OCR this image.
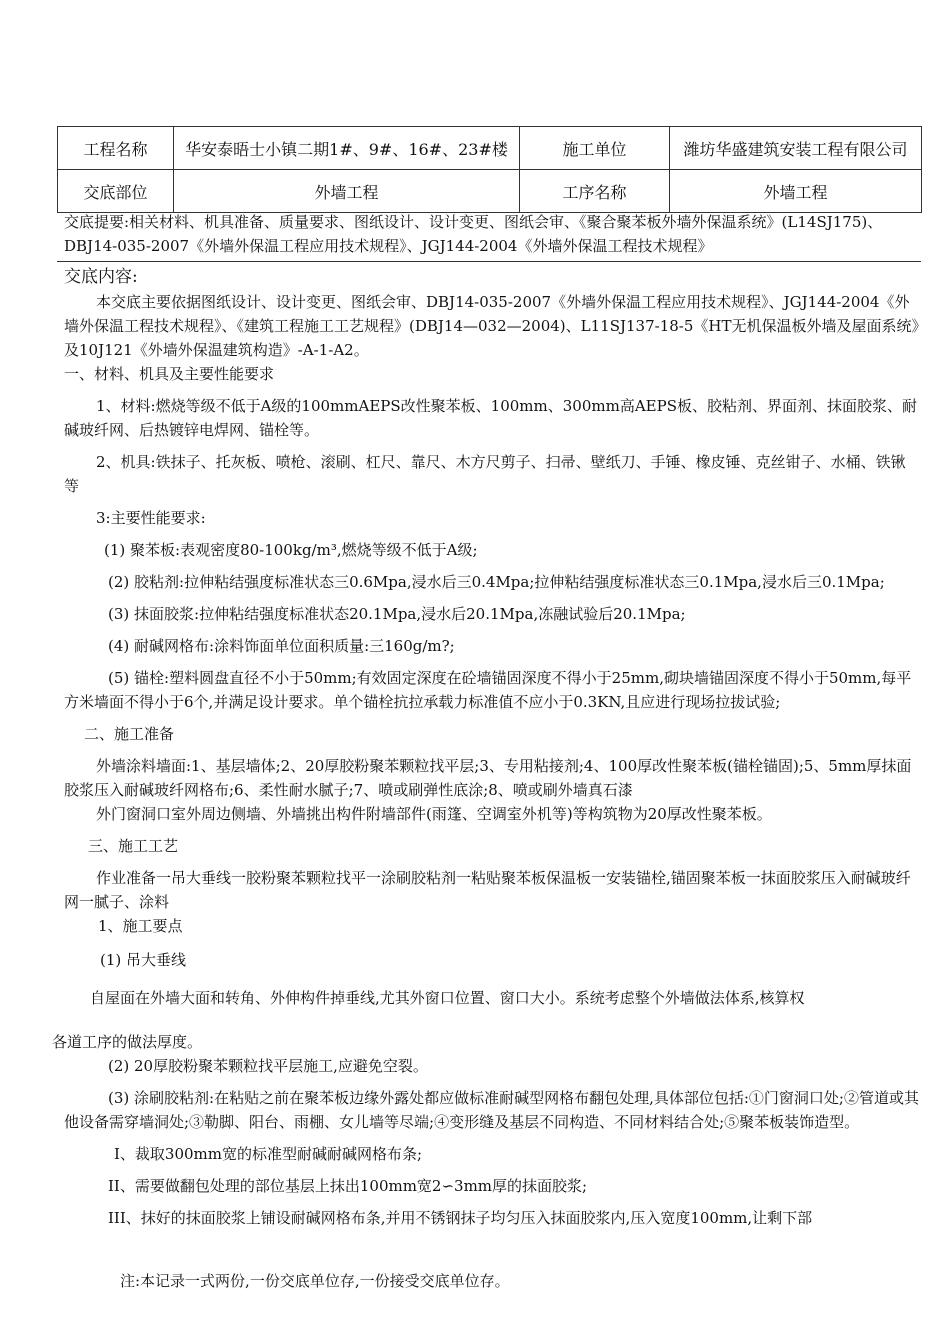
工程名称	华安泰晤士小镇二期1#、9#、16#、23#楼	施工单位	潍坊华盛建筑安装工程有限公司
交底部位	外墙工程	工序名称	外墙工程

交底提要:相关材料、机具准备、质量要求、图纸设计、设计变更、图纸会审、《聚合聚苯板外墙外保温系统》(L14SJ175)、DBJ14-035-2007《外墙外保温工程应用技术规程》、JGJ144-2004《外墙外保温工程技术规程》

交底内容:

本交底主要依据图纸设计、设计变更、图纸会审、DBJ14-035-2007《外墙外保温工程应用技术规程》、JGJ144-2004《外墙外保温工程技术规程》、《建筑工程施工工艺规程》(DBJ14—032—2004)、L11SJ137-18-5《HT无机保温板外墙及屋面系统》及10J121《外墙外保温建筑构造》-A-1-A2。

一、材料、机具及主要性能要求

1、材料:燃烧等级不低于A级的100mmAEPS改性聚苯板、100mm、300mm高AEPS板、胶粘剂、界面剂、抹面胶浆、耐碱玻纤网、后热镀锌电焊网、锚栓等。

2、机具:铁抹子、托灰板、喷枪、滚刷、杠尺、靠尺、木方尺剪子、扫帚、壁纸刀、手锤、橡皮锤、克丝钳子、水桶、铁锹等

3:主要性能要求:

(1) 聚苯板:表观密度80-100kg/m³,燃烧等级不低于A级;

(2) 胶粘剂:拉伸粘结强度标准状态三0.6Mpa,浸水后三0.4Mpa;拉伸粘结强度标准状态三0.1Mpa,浸水后三0.1Mpa;

(3) 抹面胶浆:拉伸粘结强度标准状态20.1Mpa,浸水后20.1Mpa,冻融试验后20.1Mpa;

(4) 耐碱网格布:涂料饰面单位面积质量:三160g/m?;

(5) 锚栓:塑料圆盘直径不小于50mm;有效固定深度在砼墙锚固深度不得小于25mm,砌块墙锚固深度不得小于50mm,每平方米墙面不得小于6个,并满足设计要求。单个锚栓抗拉承载力标准值不应小于0.3KN,且应进行现场拉拔试验;

二、施工准备

外墙涂料墙面:1、基层墙体;2、20厚胶粉聚苯颗粒找平层;3、专用粘接剂;4、100厚改性聚苯板(锚栓锚固);5、5mm厚抹面胶浆压入耐碱玻纤网格布;6、柔性耐水腻子;7、喷或刷弹性底涂;8、喷或刷外墙真石漆

外门窗洞口室外周边侧墙、外墙挑出构件附墙部件(雨篷、空调室外机等)等构筑物为20厚改性聚苯板。

三、施工工艺

作业准备一吊大垂线一胶粉聚苯颗粒找平一涂刷胶粘剂一粘贴聚苯板保温板一安装锚栓,锚固聚苯板一抹面胶浆压入耐碱玻纤网一腻子、涂料

1、施工要点

(1) 吊大垂线

自屋面在外墙大面和转角、外伸构件掉垂线,尤其外窗口位置、窗口大小。系统考虑整个外墙做法体系,核算权

各道工序的做法厚度。

(2) 20厚胶粉聚苯颗粒找平层施工,应避免空裂。

(3) 涂刷胶粘剂:在粘贴之前在聚苯板边缘外露处都应做标准耐碱型网格布翻包处理,具体部位包括:①门窗洞口处;②管道或其他设备需穿墙洞处;③勒脚、阳台、雨棚、女儿墙等尽端;④变形缝及基层不同构造、不同材料结合处;⑤聚苯板装饰造型。

I、裁取300mm宽的标准型耐碱耐碱网格布条;

II、需要做翻包处理的部位基层上抹出100mm宽2∽3mm厚的抹面胶浆;

III、抹好的抹面胶浆上铺设耐碱网格布条,并用不锈钢抹子均匀压入抹面胶浆内,压入宽度100mm,让剩下部

注:本记录一式两份,一份交底单位存,一份接受交底单位存。
